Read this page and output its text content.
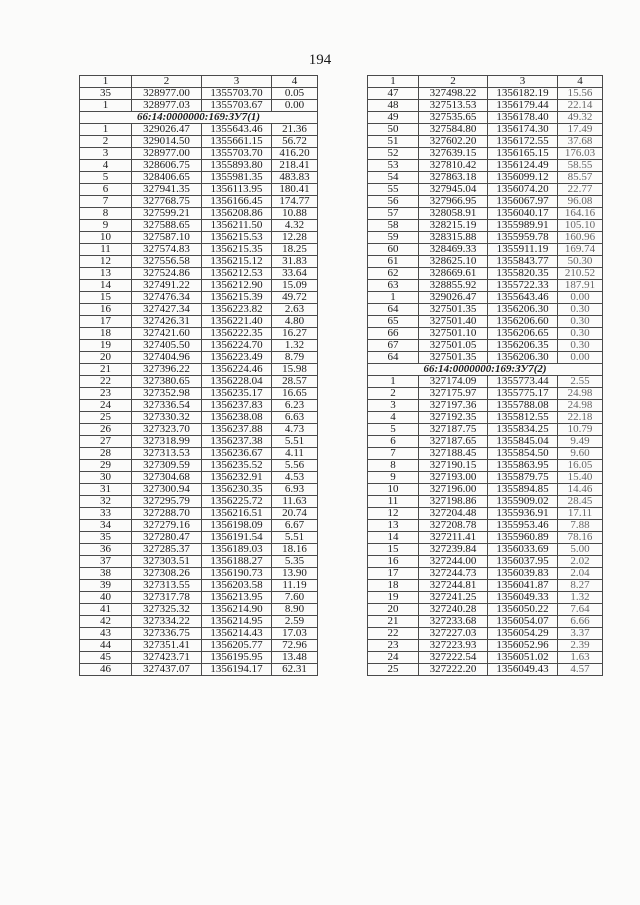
194
1	2	3	4
35	328977.00	1355703.70	0.05
1	328977.03	1355703.67	0.00
66:14:0000000:169:ЗУ7(1)			
1	329026.47	1355643.46	21.36
2	329014.50	1355661.15	56.72
3	328977.00	1355703.70	416.20
4	328606.75	1355893.80	218.41
5	328406.65	1355981.35	483.83
6	327941.35	1356113.95	180.41
7	327768.75	1356166.45	174.77
8	327599.21	1356208.86	10.88
9	327588.65	1356211.50	4.32
10	327587.10	1356215.53	12.28
11	327574.83	1356215.35	18.25
12	327556.58	1356215.12	31.83
13	327524.86	1356212.53	33.64
14	327491.22	1356212.90	15.09
15	327476.34	1356215.39	49.72
16	327427.34	1356223.82	2.63
17	327426.31	1356221.40	4.80
18	327421.60	1356222.35	16.27
19	327405.50	1356224.70	1.32
20	327404.96	1356223.49	8.79
21	327396.22	1356224.46	15.98
22	327380.65	1356228.04	28.57
23	327352.98	1356235.17	16.65
24	327336.54	1356237.83	6.23
25	327330.32	1356238.08	6.63
26	327323.70	1356237.88	4.73
27	327318.99	1356237.38	5.51
28	327313.53	1356236.67	4.11
29	327309.59	1356235.52	5.56
30	327304.68	1356232.91	4.53
31	327300.94	1356230.35	6.93
32	327295.79	1356225.72	11.63
33	327288.70	1356216.51	20.74
34	327279.16	1356198.09	6.67
35	327280.47	1356191.54	5.51
36	327285.37	1356189.03	18.16
37	327303.51	1356188.27	5.35
38	327308.26	1356190.73	13.90
39	327313.55	1356203.58	11.19
40	327317.78	1356213.95	7.60
41	327325.32	1356214.90	8.90
42	327334.22	1356214.95	2.59
43	327336.75	1356214.43	17.03
44	327351.41	1356205.77	72.96
45	327423.71	1356195.95	13.48
46	327437.07	1356194.17	62.31
1	2	3	4
47	327498.22	1356182.19	15.56
48	327513.53	1356179.44	22.14
49	327535.65	1356178.40	49.32
50	327584.80	1356174.30	17.49
51	327602.20	1356172.55	37.68
52	327639.15	1356165.15	176.03
53	327810.42	1356124.49	58.55
54	327863.18	1356099.12	85.57
55	327945.04	1356074.20	22.77
56	327966.95	1356067.97	96.08
57	328058.91	1356040.17	164.16
58	328215.19	1355989.91	105.10
59	328315.88	1355959.78	160.96
60	328469.33	1355911.19	169.74
61	328625.10	1355843.77	50.30
62	328669.61	1355820.35	210.52
63	328855.92	1355722.33	187.91
1	329026.47	1355643.46	0.00
64	327501.35	1356206.30	0.30
65	327501.40	1356206.60	0.30
66	327501.10	1356206.65	0.30
67	327501.05	1356206.35	0.30
64	327501.35	1356206.30	0.00
66:14:0000000:169:ЗУ7(2)			
1	327174.09	1355773.44	2.55
2	327175.97	1355775.17	24.98
3	327197.36	1355788.08	24.98
4	327192.35	1355812.55	22.18
5	327187.75	1355834.25	10.79
6	327187.65	1355845.04	9.49
7	327188.45	1355854.50	9.60
8	327190.15	1355863.95	16.05
9	327193.00	1355879.75	15.40
10	327196.00	1355894.85	14.46
11	327198.86	1355909.02	28.45
12	327204.48	1355936.91	17.11
13	327208.78	1355953.46	7.88
14	327211.41	1355960.89	78.16
15	327239.84	1356033.69	5.00
16	327244.00	1356037.95	2.02
17	327244.73	1356039.83	2.04
18	327244.81	1356041.87	8.27
19	327241.25	1356049.33	1.32
20	327240.28	1356050.22	7.64
21	327233.68	1356054.07	6.66
22	327227.03	1356054.29	3.37
23	327223.93	1356052.96	2.39
24	327222.54	1356051.02	1.63
25	327222.20	1356049.43	4.57
